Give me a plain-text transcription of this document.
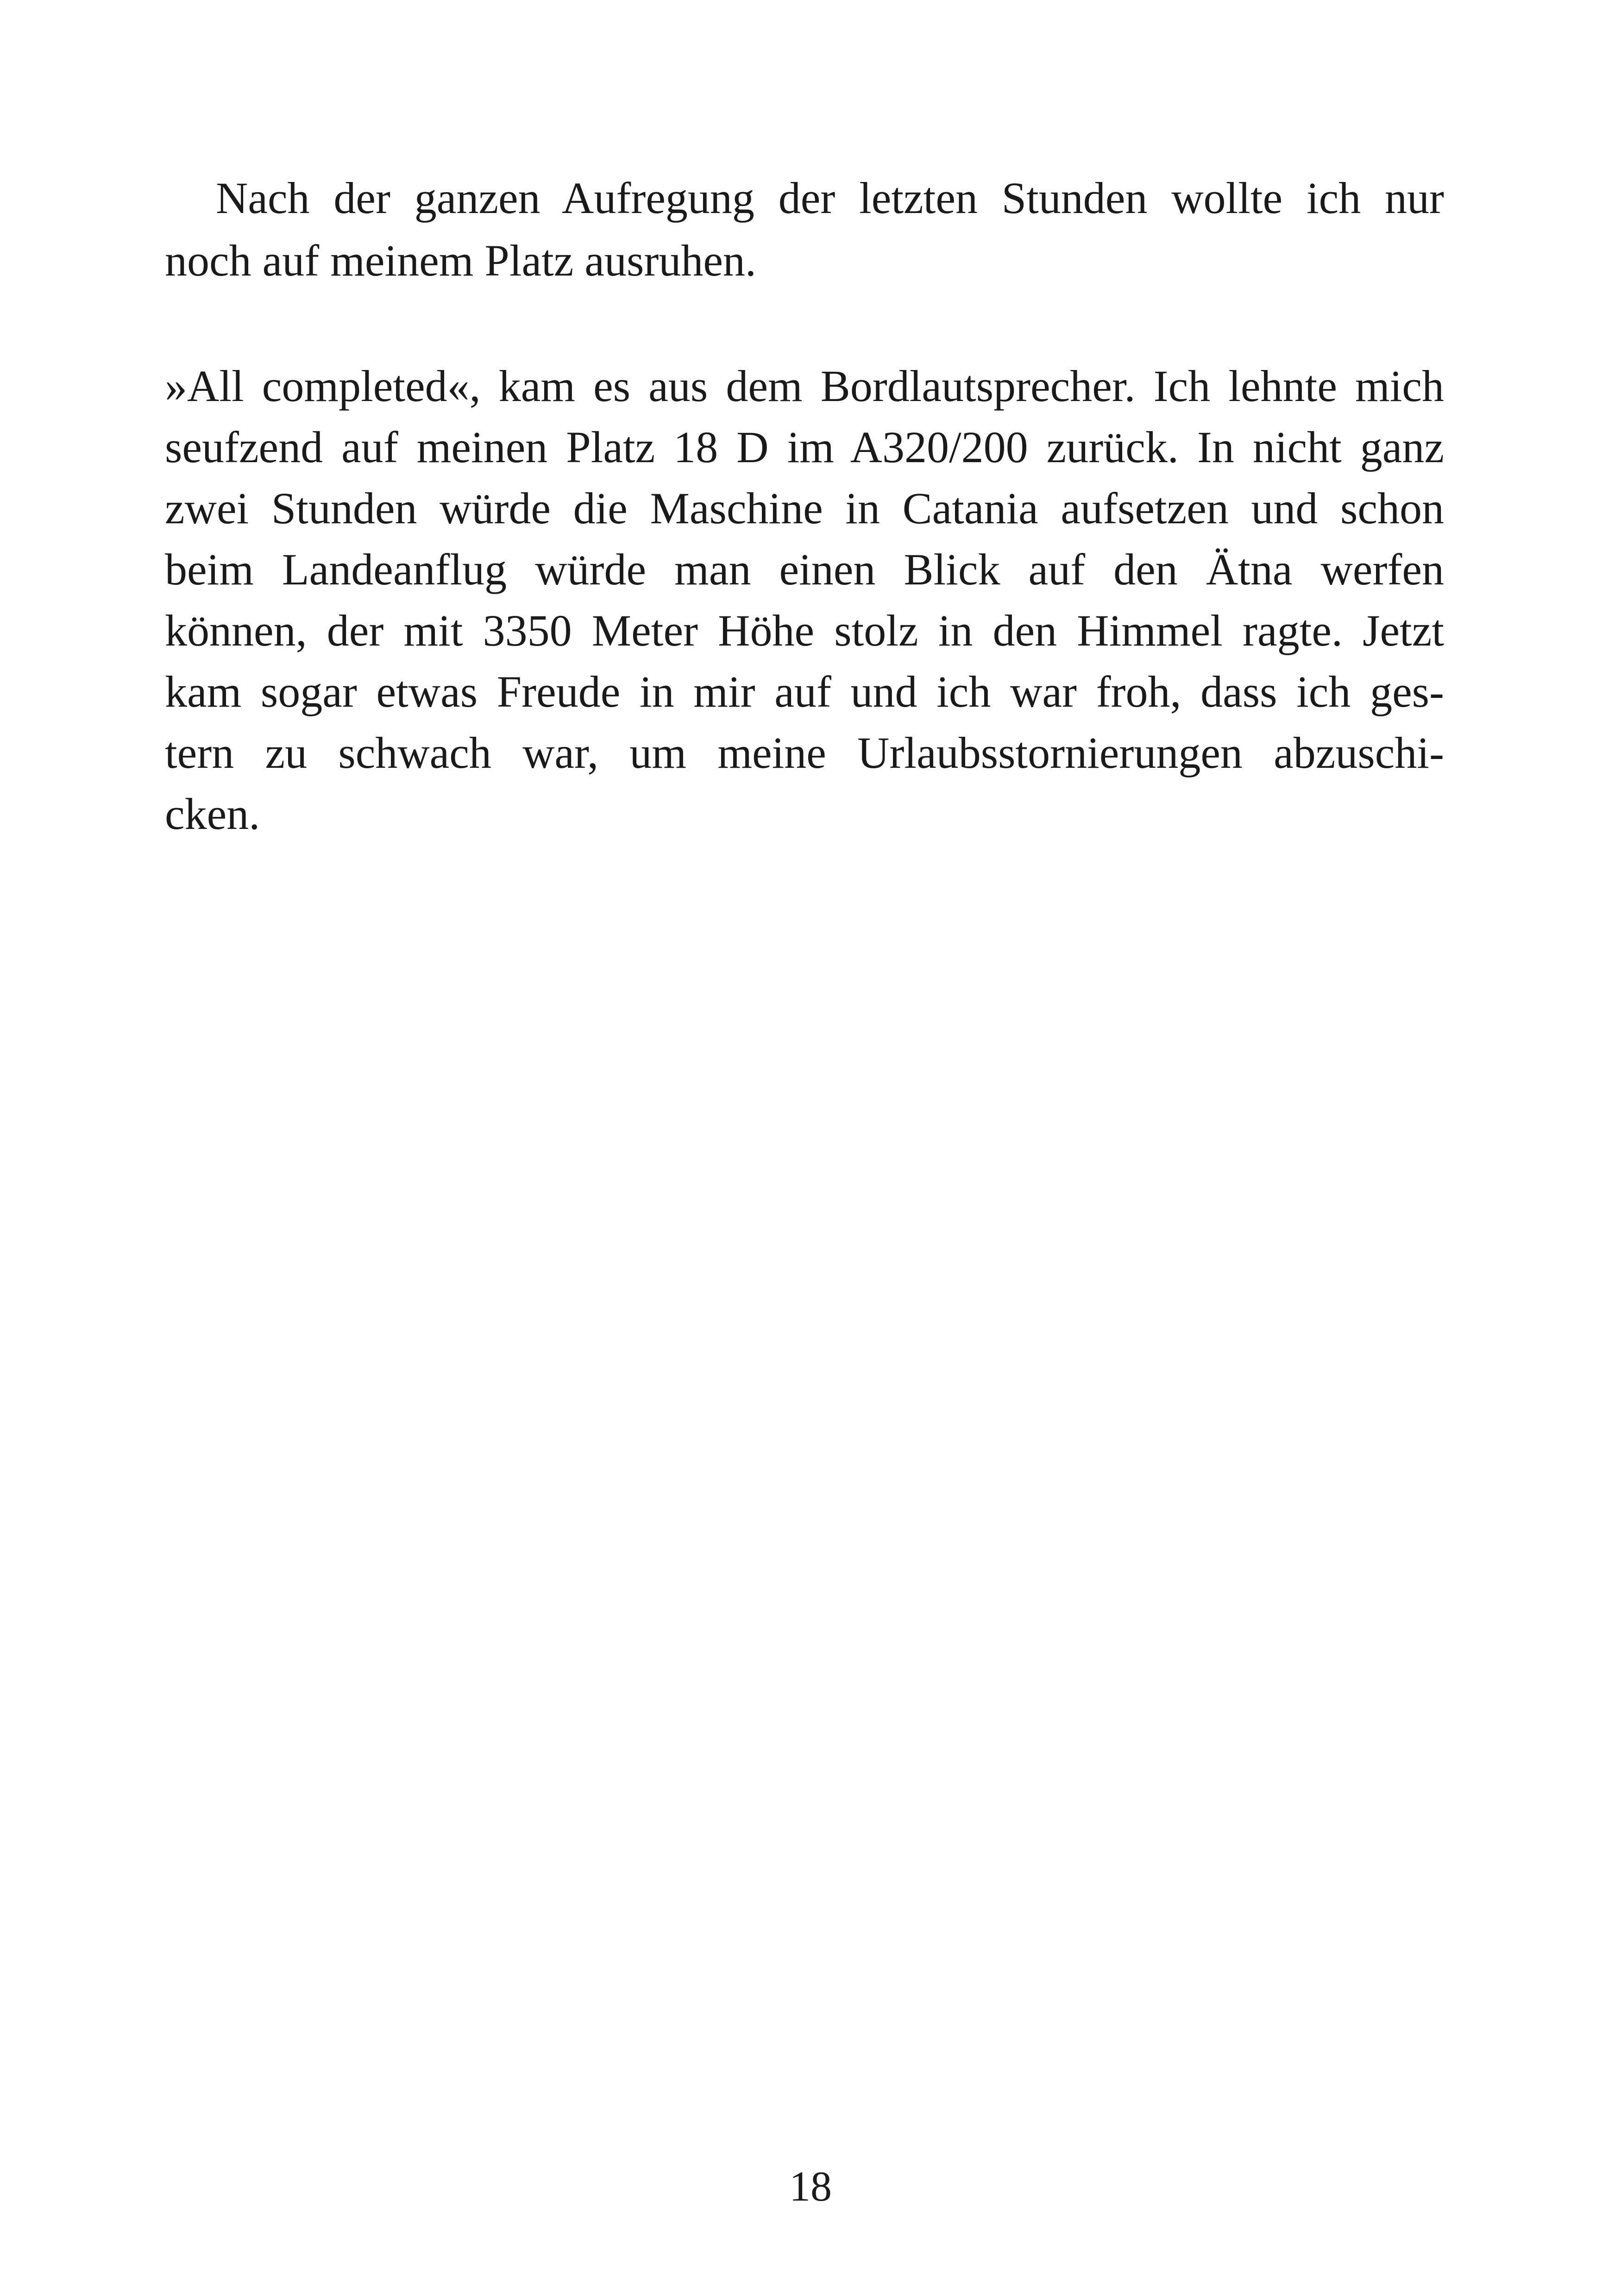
Nach der ganzen Aufregung der letzten Stunden wollte ich nur
noch auf meinem Platz ausruhen.
»All completed«, kam es aus dem Bordlautsprecher. Ich lehnte mich
seufzend auf meinen Platz 18 D im A320/200 zurück. In nicht ganz
zwei Stunden würde die Maschine in Catania aufsetzen und schon
beim Landeanflug würde man einen Blick auf den Ätna werfen
können, der mit 3350 Meter Höhe stolz in den Himmel ragte. Jetzt
kam sogar etwas Freude in mir auf und ich war froh, dass ich ges-
tern zu schwach war, um meine Urlaubsstornierungen abzuschi-
cken.
18
